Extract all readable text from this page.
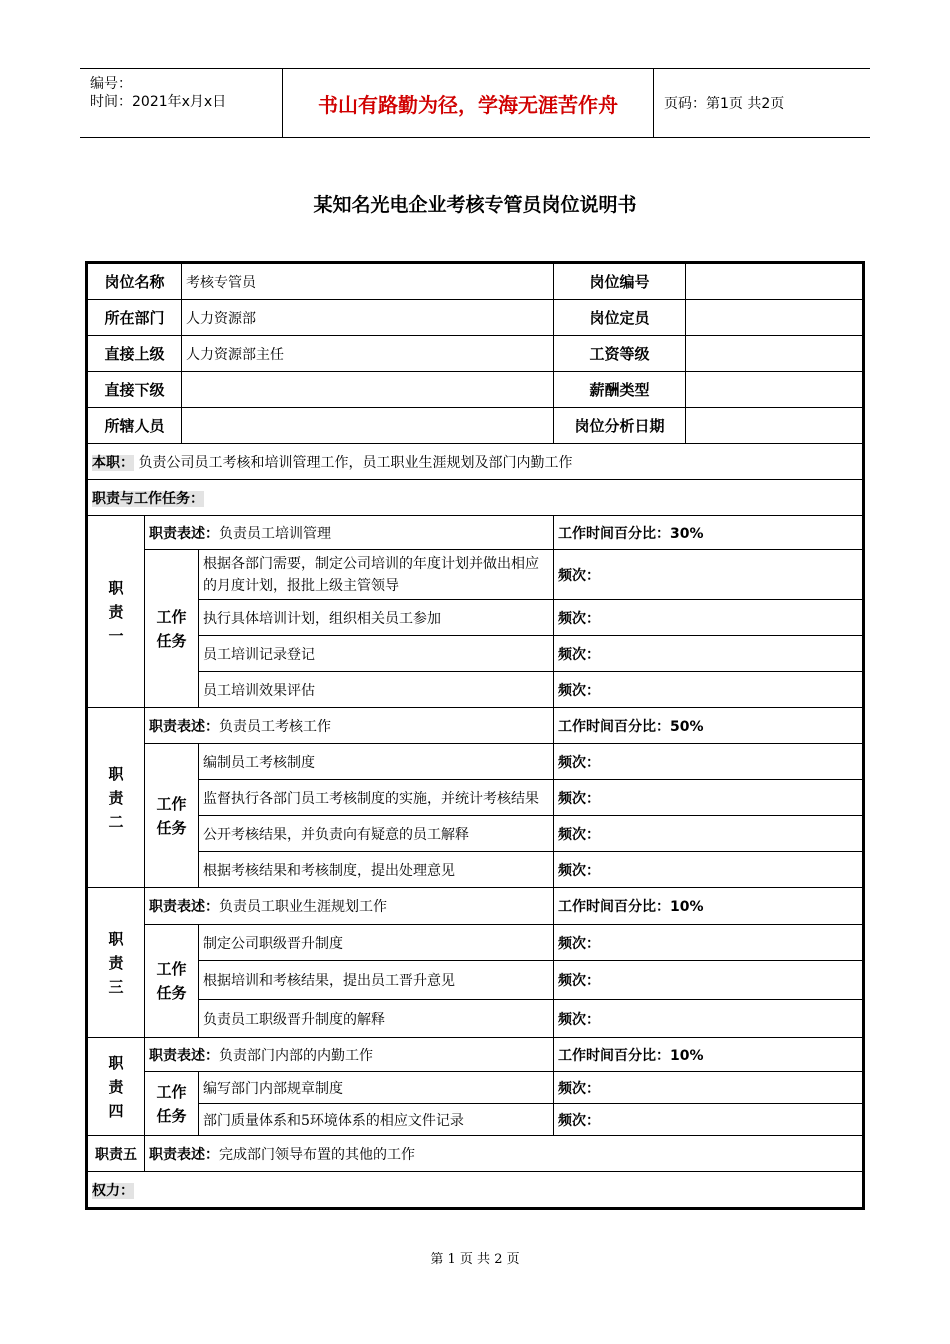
编号：
时间：2021年x月x日	书山有路勤为径，学海无涯苦作舟	页码：第1页 共2页
某知名光电企业考核专管员岗位说明书
岗位名称		考核专管员		岗位编号	
所在部门		人力资源部		岗位定员	
直接上级		人力资源部主任		工资等级	
直接下级				薪酬类型	
所辖人员				岗位分析日期	
本职： 负责公司员工考核和培训管理工作，员工职业生涯规划及部门内勤工作					
职责与工作任务：					
职责一	职责表述：负责员工培训管理			工作时间百分比：30%	
	工作任务		根据各部门需要，制定公司培训的年度计划并做出相应的月度计划，报批上级主管领导	频次：	
			执行具体培训计划，组织相关员工参加	频次：	
			员工培训记录登记	频次：	
			员工培训效果评估	频次：	
职责二	职责表述：负责员工考核工作			工作时间百分比：50%	
	工作任务		编制员工考核制度	频次：	
			监督执行各部门员工考核制度的实施，并统计考核结果	频次：	
			公开考核结果，并负责向有疑意的员工解释	频次：	
			根据考核结果和考核制度，提出处理意见	频次：	
职责三	职责表述：负责员工职业生涯规划工作			工作时间百分比：10%	
	工作任务		制定公司职级晋升制度	频次：	
			根据培训和考核结果，提出员工晋升意见	频次：	
			负责员工职级晋升制度的解释	频次：	
职责四	职责表述：负责部门内部的内勤工作			工作时间百分比：10%	
	工作任务		编写部门内部规章制度	频次：	
			部门质量体系和5环境体系的相应文件记录	频次：	
职责五	职责表述：完成部门领导布置的其他的工作				
权力：					
第 1 页 共 2 页
